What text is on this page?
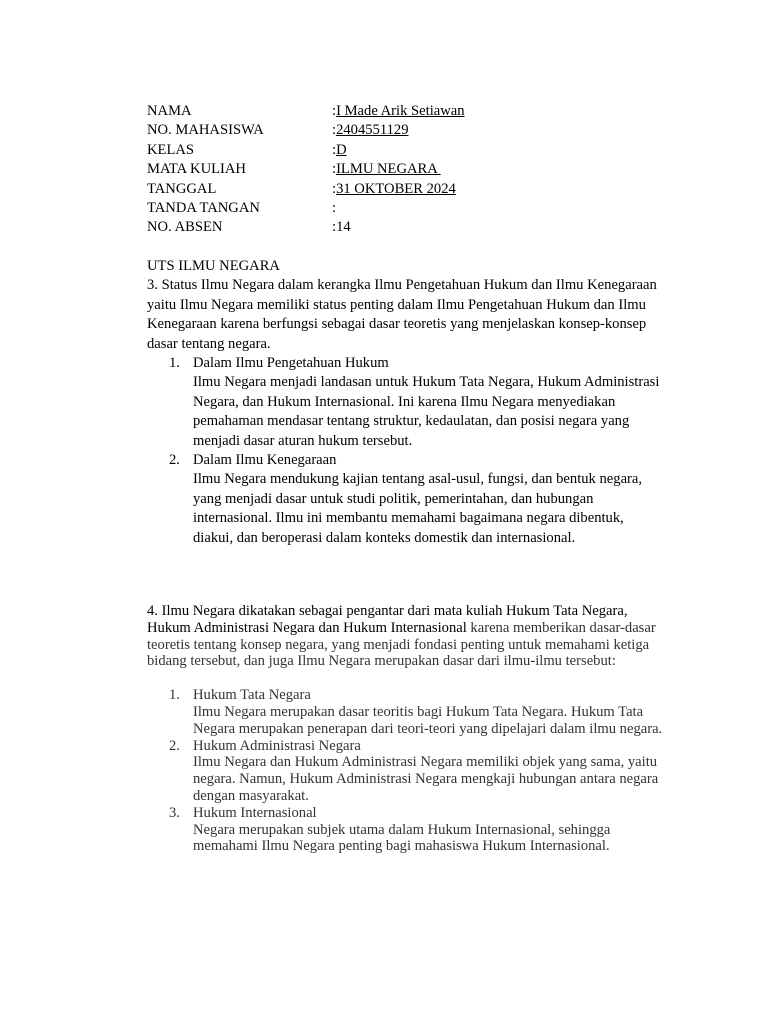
NAMA	: I Made Arik Setiawan
NO. MAHASISWA	: 2404551129
KELAS	: D
MATA KULIAH	: ILMU NEGARA
TANGGAL	: 31 OKTOBER 2024
TANDA TANGAN	:
NO. ABSEN	: 14

UTS ILMU NEGARA

3. Status Ilmu Negara dalam kerangka Ilmu Pengetahuan Hukum dan Ilmu Kenegaraan yaitu Ilmu Negara memiliki status penting dalam Ilmu Pengetahuan Hukum dan Ilmu Kenegaraan karena berfungsi sebagai dasar teoretis yang menjelaskan konsep-konsep dasar tentang negara.

1. Dalam Ilmu Pengetahuan Hukum
Ilmu Negara menjadi landasan untuk Hukum Tata Negara, Hukum Administrasi Negara, dan Hukum Internasional. Ini karena Ilmu Negara menyediakan pemahaman mendasar tentang struktur, kedaulatan, dan posisi negara yang menjadi dasar aturan hukum tersebut.
2. Dalam Ilmu Kenegaraan
Ilmu Negara mendukung kajian tentang asal-usul, fungsi, dan bentuk negara, yang menjadi dasar untuk studi politik, pemerintahan, dan hubungan internasional. Ilmu ini membantu memahami bagaimana negara dibentuk, diakui, dan beroperasi dalam konteks domestik dan internasional.

4. Ilmu Negara dikatakan sebagai pengantar dari mata kuliah Hukum Tata Negara, Hukum Administrasi Negara dan Hukum Internasional karena memberikan dasar-dasar teoretis tentang konsep negara, yang menjadi fondasi penting untuk memahami ketiga bidang tersebut, dan juga Ilmu Negara merupakan dasar dari ilmu-ilmu tersebut:

1. Hukum Tata Negara
Ilmu Negara merupakan dasar teoritis bagi Hukum Tata Negara. Hukum Tata Negara merupakan penerapan dari teori-teori yang dipelajari dalam ilmu negara.
2. Hukum Administrasi Negara
Ilmu Negara dan Hukum Administrasi Negara memiliki objek yang sama, yaitu negara. Namun, Hukum Administrasi Negara mengkaji hubungan antara negara dengan masyarakat.
3. Hukum Internasional
Negara merupakan subjek utama dalam Hukum Internasional, sehingga memahami Ilmu Negara penting bagi mahasiswa Hukum Internasional.
